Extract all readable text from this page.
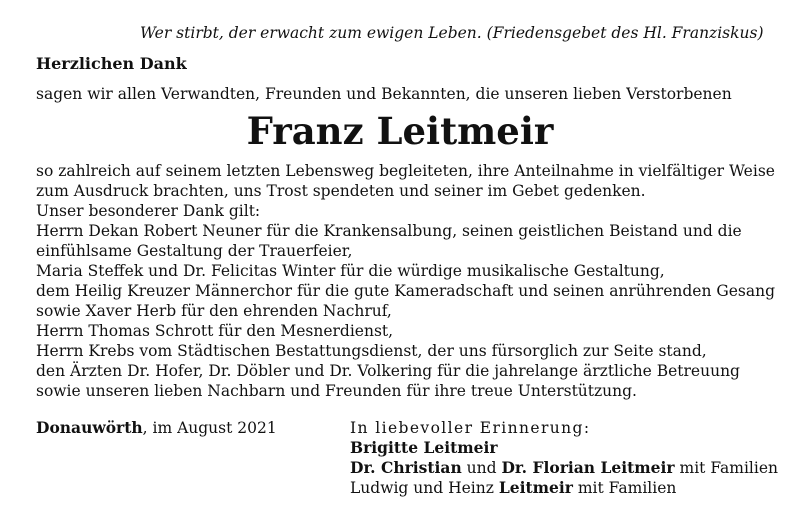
Wer stirbt, der erwacht zum ewigen Leben. (Friedensgebet des Hl. Franziskus)
Herzlichen Dank
sagen wir allen Verwandten, Freunden und Bekannten, die unseren lieben Verstorbenen
Franz Leitmeir
so zahlreich auf seinem letzten Lebensweg begleiteten, ihre Anteilnahme in vielfältiger Weise
zum Ausdruck brachten, uns Trost spendeten und seiner im Gebet gedenken.
Unser besonderer Dank gilt:
Herrn Dekan Robert Neuner für die Krankensalbung, seinen geistlichen Beistand und die
einfühlsame Gestaltung der Trauerfeier,
Maria Steffek und Dr. Felicitas Winter für die würdige musikalische Gestaltung,
dem Heilig Kreuzer Männerchor für die gute Kameradschaft und seinen anrührenden Gesang
sowie Xaver Herb für den ehrenden Nachruf,
Herrn Thomas Schrott für den Mesnerdienst,
Herrn Krebs vom Städtischen Bestattungsdienst, der uns fürsorglich zur Seite stand,
den Ärzten Dr. Hofer, Dr. Döbler und Dr. Volkering für die jahrelange ärztliche Betreuung
sowie unseren lieben Nachbarn und Freunden für ihre treue Unterstützung.
Donauwörth, im August 2021	In liebevoller Erinnerung:
Brigitte Leitmeir
Dr. Christian und Dr. Florian Leitmeir mit Familien
Ludwig und Heinz Leitmeir mit Familien
